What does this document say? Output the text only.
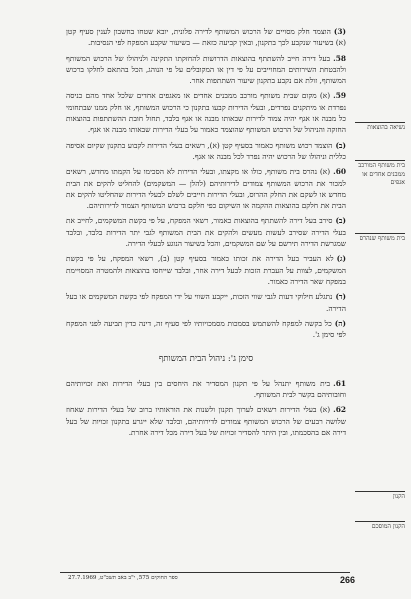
נשיאה בהוצאות
בית משותף המורכב ממבנים אחדים או אגפים
בית משותף שנהרס
הקנון
הקנון המוסכם

(3)הוצמד חלק מסויים של הרכוש המשותף לדירה פלונית, יובא שטחו בחשבון לענין סעיף קטן (א) בשיעור שנקבע לכך בתקנון, ובאין קביעה כזאת — בשיעור שקבע המפקח לפי הנסיבות.

58.בעל דירה חייב להשתתף בהוצאות הדרושות להחזקתו התקינה ולניהולו של הרכוש המשותף ולהבטחת השירותים המחוייבים על פי דין או המקובלים על פי הנוהג, הכל בהתאם לחלקו ברכוש המשותף, זולת אם נקבע בתקנון שיעור השתתפות אחר.

59.(א) מקום שבית משותף מורכב ממבנים אחדים או מאגפים אחדים שלכל אחד מהם כניסה נפרדת או מיתקנים נפרדים, ובעלי הדירות קבעו בתקנון כי הרכוש המשותף, או חלק ממנו שבתחומי כל מבנה או אגף יהיה צמוד לדירות שבאותו מבנה או אגף בלבד, תחול חובת ההשתתפות בהוצאות החזקה והניהול של הרכוש המשותף שהוצמד כאמור על בעלי הדירות שבאותו מבנה או אגף.

(ב)הוצמד רכוש משותף כאמור בסעיף קטן (א), רשאים בעלי הדירות לקבוע בתקנון שקיום אסיפה כללית וניהולו של הרכוש יהיה נפרד לכל מבנה או אגף.

60.(א) נהרס בית משותף, כולו או מקצתו, ובעלי הדירות לא הסכימו על הקמתו מחדש, רשאים למכור את הרכוש המשותף צמודים לדירותיהם (להלן — המשקמים) להחליט להקים את הבית מחדש או לשקם את החלק ההרוס, ובעלי הדירות חייבים לשלם לבעלי הדירות שהחליטו להקים את הבית את חלקם בהוצאות ההקמה או השיקום כפי חלקם ברכוש המשותף הצמוד לדירותיהם.

(ב)סירב בעל דירה להשתתף בהוצאות כאמור, רשאי המפקח, על פי בקשת המשקמים, לחייב את בעלי הדירה שסירב לעשות מעשים ולהקים את הבית המשותף לגבי יתר הדירות בלבד, ובלבד שמגרשת הדירה תירשם על שם המשקמים, והכל בשיעור הנוגע לבעלי הדירה.

(ג)לא העביר בעל הדירה את זכותו כאמור בסעיף קטן (ב), רשאי המפקח, על פי בקשת המשקמים, לצוות על העברת הזכות לבעל דירה אחר, ובלבד שייחסו בהוצאות ולהמטרה המסויימת במפקח שאר הדירה כאמור.

(ד)נתגלע חילוקי דעות לגבי שווי הזכות, ייקבע השווי על ידי המפקח לפי בקשת המשקמים או בעל הדירה.

(ה)כל בקשה למפקח להשתמש בסמכות מסמכויותיו לפי סעיף זה, דינה כדין תביעה לפני המפקח לפי סימן ג'.

סימן ג': ניהול הבית המשותף

61.בית משותף יתנהל על פי תקנון המסדיר את היחסים בין בעלי הדירות ואת זכויותיהם וחובותיהם בקשר לבית המשותף.

62.(א) בעלי הדירות רשאים לערוך תקנון ולשנות את הוראותיו ברוב של בעלי הדירות שאחוז שלושה רבעים של הרכוש המשותף צמודים לדירותיהם, ובלבד שלא ייגרע בתקנון זכויות של בעל דירה אם בהסכמתו, ובין היתר להסדיר זכויות של בעל דירה מכל דירה אחרת.

ספר החוקים 575, י"ב באב תשכ"ט, 27.7.1969	266
